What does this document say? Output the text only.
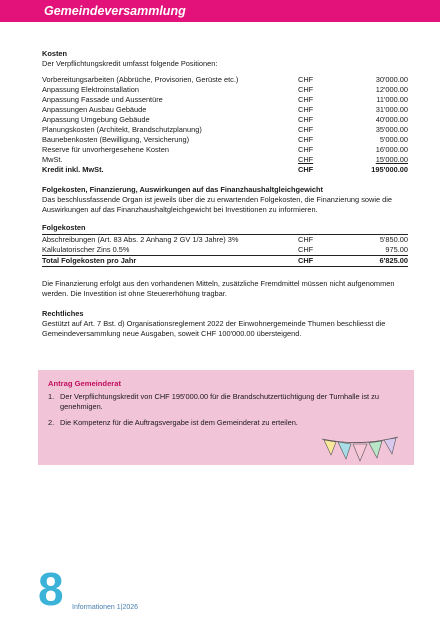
Gemeindeversammlung
Kosten

Der Verpflichtungskredit umfasst folgende Positionen:

Vorbereitungsarbeiten (Abbrüche, Provisorien, Gerüste etc.)	CHF	30'000.00
Anpassung Elektroinstallation	CHF	12'000.00
Anpassung Fassade und Aussentüre	CHF	11'000.00
Anpassungen Ausbau Gebäude	CHF	31'000.00
Anpassung Umgebung Gebäude	CHF	40'000.00
Planungskosten (Architekt, Brandschutzplanung)	CHF	35'000.00
Baunebenkosten (Bewilligung, Versicherung)	CHF	5'000.00
Reserve für unvorhergesehene Kosten	CHF	16'000.00
MwSt.	CHF	15'000.00
Kredit inkl. MwSt.	CHF	195'000.00
Folgekosten, Finanzierung, Auswirkungen auf das Finanzhaushaltgleichgewicht

Das beschlussfassende Organ ist jeweils über die zu erwartenden Folgekosten, die Finanzierung sowie die Auswirkungen auf das Finanzhaushaltgleichgewicht bei Investitionen zu informieren.

Folgekosten
Abschreibungen (Art. 83 Abs. 2 Anhang 2 GV 1/3 Jahre) 3%	CHF	5'850.00
Kalkulatorischer Zins 0.5%	CHF	975.00
Total Folgekosten pro Jahr	CHF	6'825.00

Die Finanzierung erfolgt aus den vorhandenen Mitteln, zusätzliche Fremdmittel müssen nicht aufgenommen werden. Die Investition ist ohne Steuererhöhung tragbar.

Rechtliches

Gestützt auf Art. 7 Bst. d) Organisationsreglement 2022 der Einwohnergemeinde Thumen beschliesst die Gemeindeversammlung neue Ausgaben, soweit CHF 100'000.00 übersteigend.

Antrag Gemeinderat
1. Der Verpflichtungskredit von CHF 195'000.00 für die Brandschutzertüchtigung der Turnhalle ist zu genehmigen.
2. Die Kompetenz für die Auftragsvergabe ist dem Gemeinderat zu erteilen.
8 Informationen 1|2026
